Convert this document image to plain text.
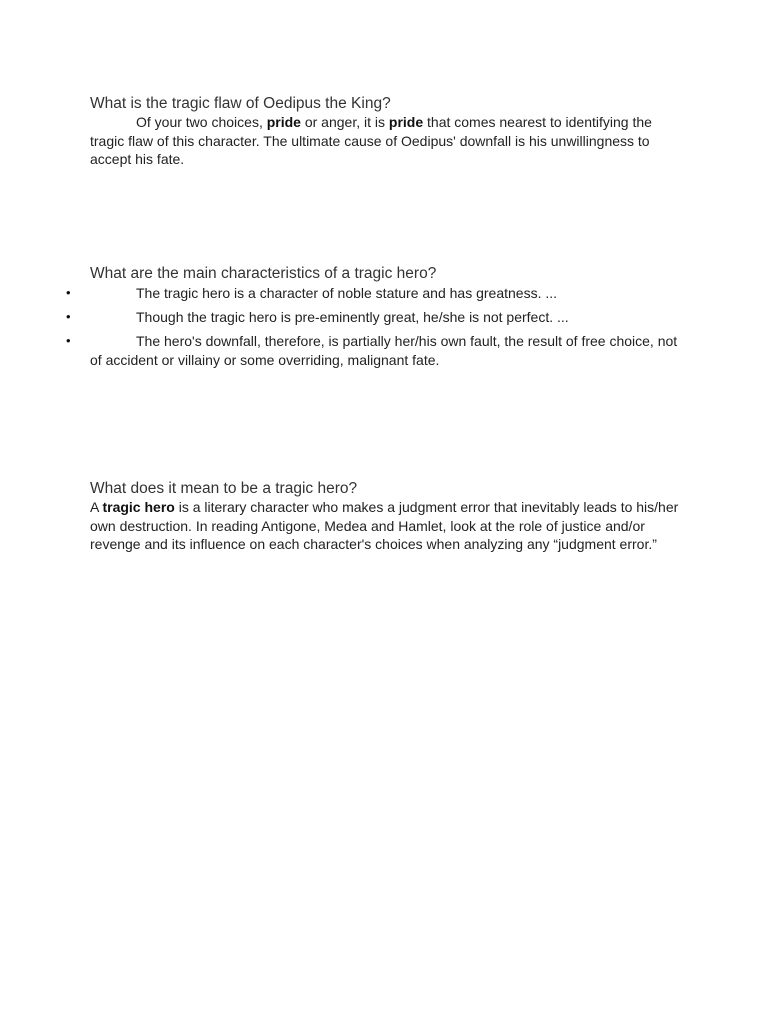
What is the tragic flaw of Oedipus the King?

Of your two choices, pride or anger, it is pride that comes nearest to identifying the tragic flaw of this character. The ultimate cause of Oedipus' downfall is his unwillingness to accept his fate.

What are the main characteristics of a tragic hero?
•	The tragic hero is a character of noble stature and has greatness. ...
•	Though the tragic hero is pre-eminently great, he/she is not perfect. ...
•	The hero's downfall, therefore, is partially her/his own fault, the result of free choice, not of accident or villainy or some overriding, malignant fate.
What does it mean to be a tragic hero?

A tragic hero is a literary character who makes a judgment error that inevitably leads to his/her own destruction. In reading Antigone, Medea and Hamlet, look at the role of justice and/or revenge and its influence on each character's choices when analyzing any “judgment error.”
